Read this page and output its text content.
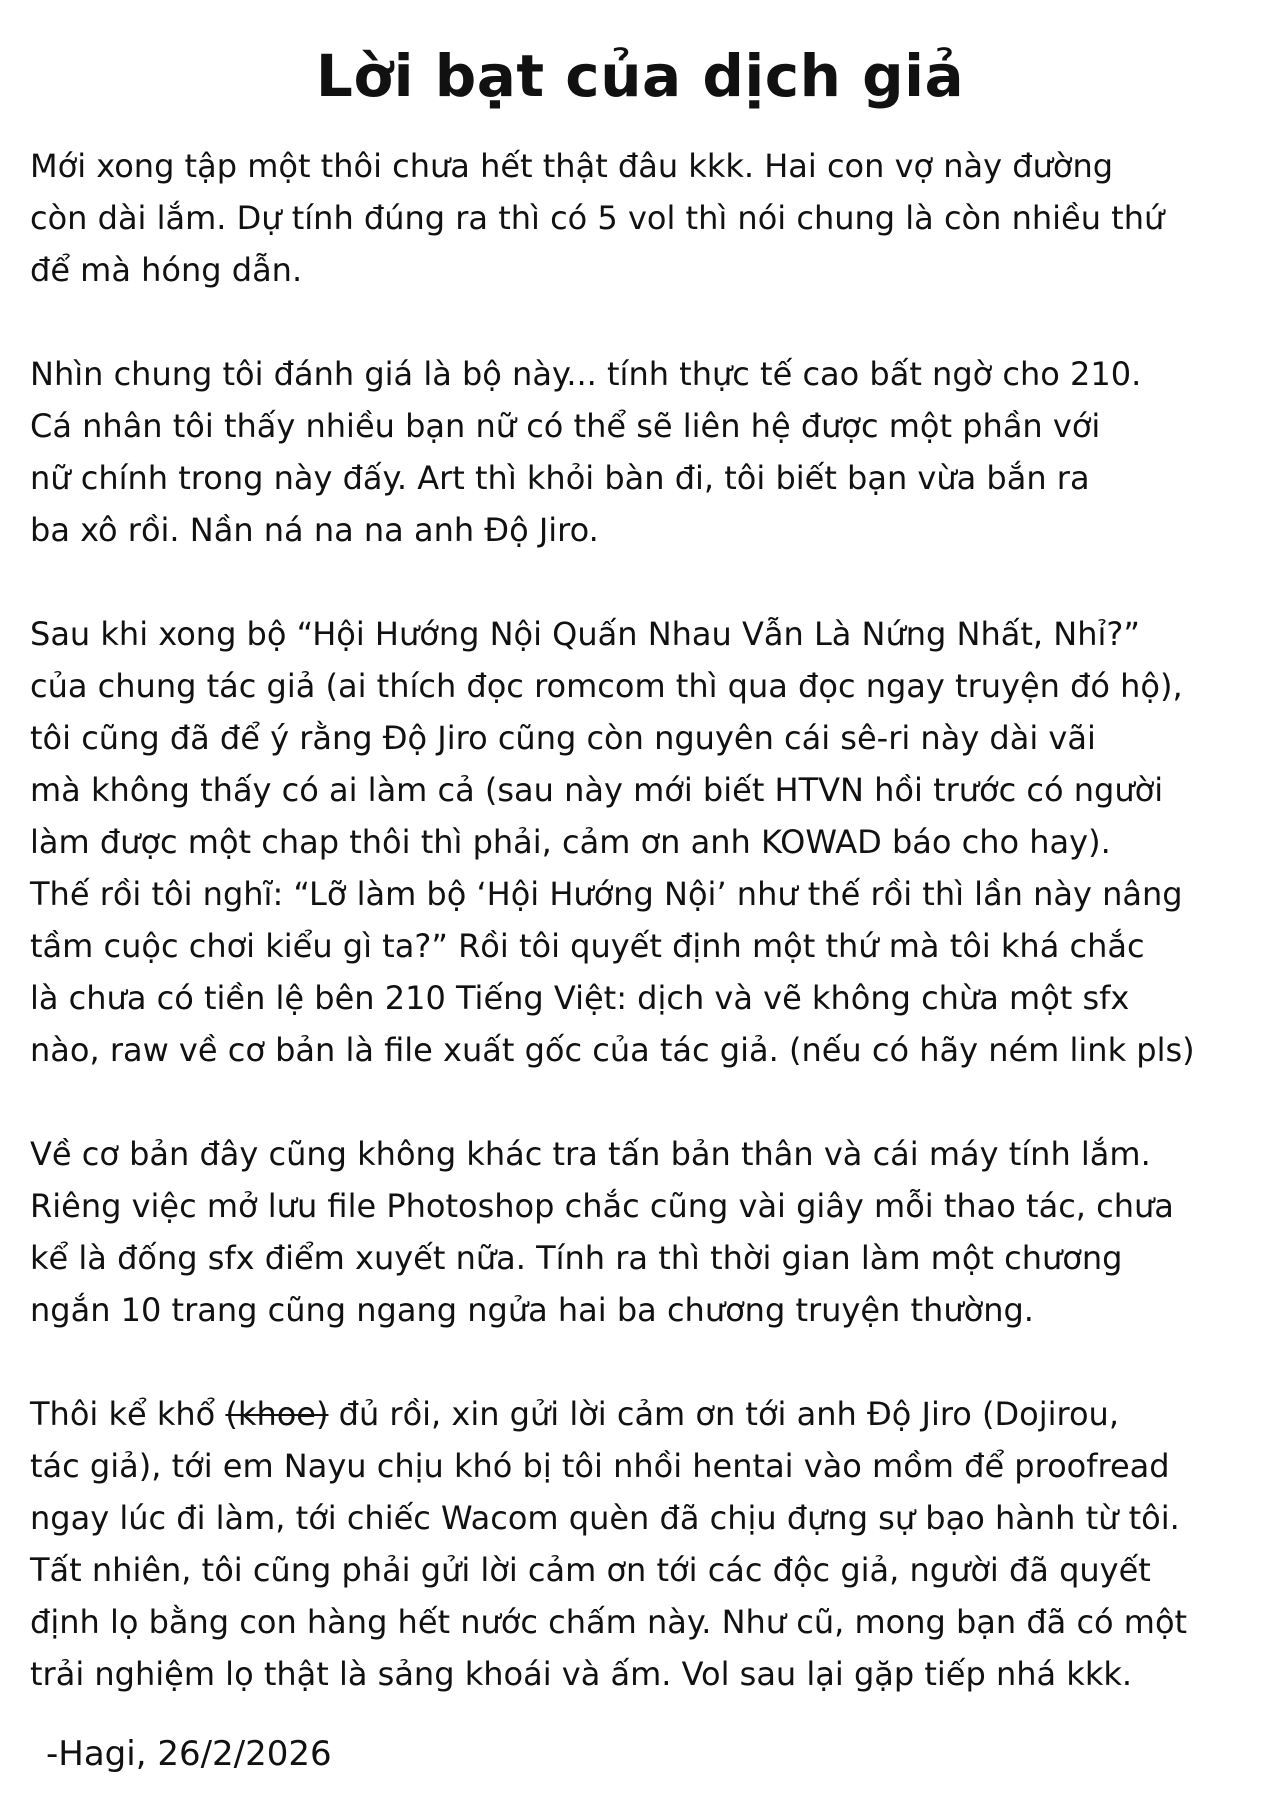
Lời bạt của dịch giả
Mới xong tập một thôi chưa hết thật đâu kkk. Hai con vợ này đường
còn dài lắm. Dự tính đúng ra thì có 5 vol thì nói chung là còn nhiều thứ
để mà hóng dẫn.
Nhìn chung tôi đánh giá là bộ này... tính thực tế cao bất ngờ cho 210.
Cá nhân tôi thấy nhiều bạn nữ có thể sẽ liên hệ được một phần với
nữ chính trong này đấy. Art thì khỏi bàn đi, tôi biết bạn vừa bắn ra
ba xô rồi. Nần ná na na anh Độ Jiro.
Sau khi xong bộ “Hội Hướng Nội Quấn Nhau Vẫn Là Nứng Nhất, Nhỉ?”
của chung tác giả (ai thích đọc romcom thì qua đọc ngay truyện đó hộ),
tôi cũng đã để ý rằng Độ Jiro cũng còn nguyên cái sê-ri này dài vãi
mà không thấy có ai làm cả (sau này mới biết HTVN hồi trước có người
làm được một chap thôi thì phải, cảm ơn anh KOWAD báo cho hay).
Thế rồi tôi nghĩ: “Lỡ làm bộ ‘Hội Hướng Nội’ như thế rồi thì lần này nâng
tầm cuộc chơi kiểu gì ta?” Rồi tôi quyết định một thứ mà tôi khá chắc
là chưa có tiền lệ bên 210 Tiếng Việt: dịch và vẽ không chừa một sfx
nào, raw về cơ bản là file xuất gốc của tác giả. (nếu có hãy ném link pls)
Về cơ bản đây cũng không khác tra tấn bản thân và cái máy tính lắm.
Riêng việc mở lưu file Photoshop chắc cũng vài giây mỗi thao tác, chưa
kể là đống sfx điểm xuyết nữa. Tính ra thì thời gian làm một chương
ngắn 10 trang cũng ngang ngửa hai ba chương truyện thường.
Thôi kể khổ (khoe) đủ rồi, xin gửi lời cảm ơn tới anh Độ Jiro (Dojirou,
tác giả), tới em Nayu chịu khó bị tôi nhồi hentai vào mồm để proofread
ngay lúc đi làm, tới chiếc Wacom quèn đã chịu đựng sự bạo hành từ tôi.
Tất nhiên, tôi cũng phải gửi lời cảm ơn tới các độc giả, người đã quyết
định lọ bằng con hàng hết nước chấm này. Như cũ, mong bạn đã có một
trải nghiệm lọ thật là sảng khoái và ấm. Vol sau lại gặp tiếp nhá kkk.
-Hagi, 26/2/2026
